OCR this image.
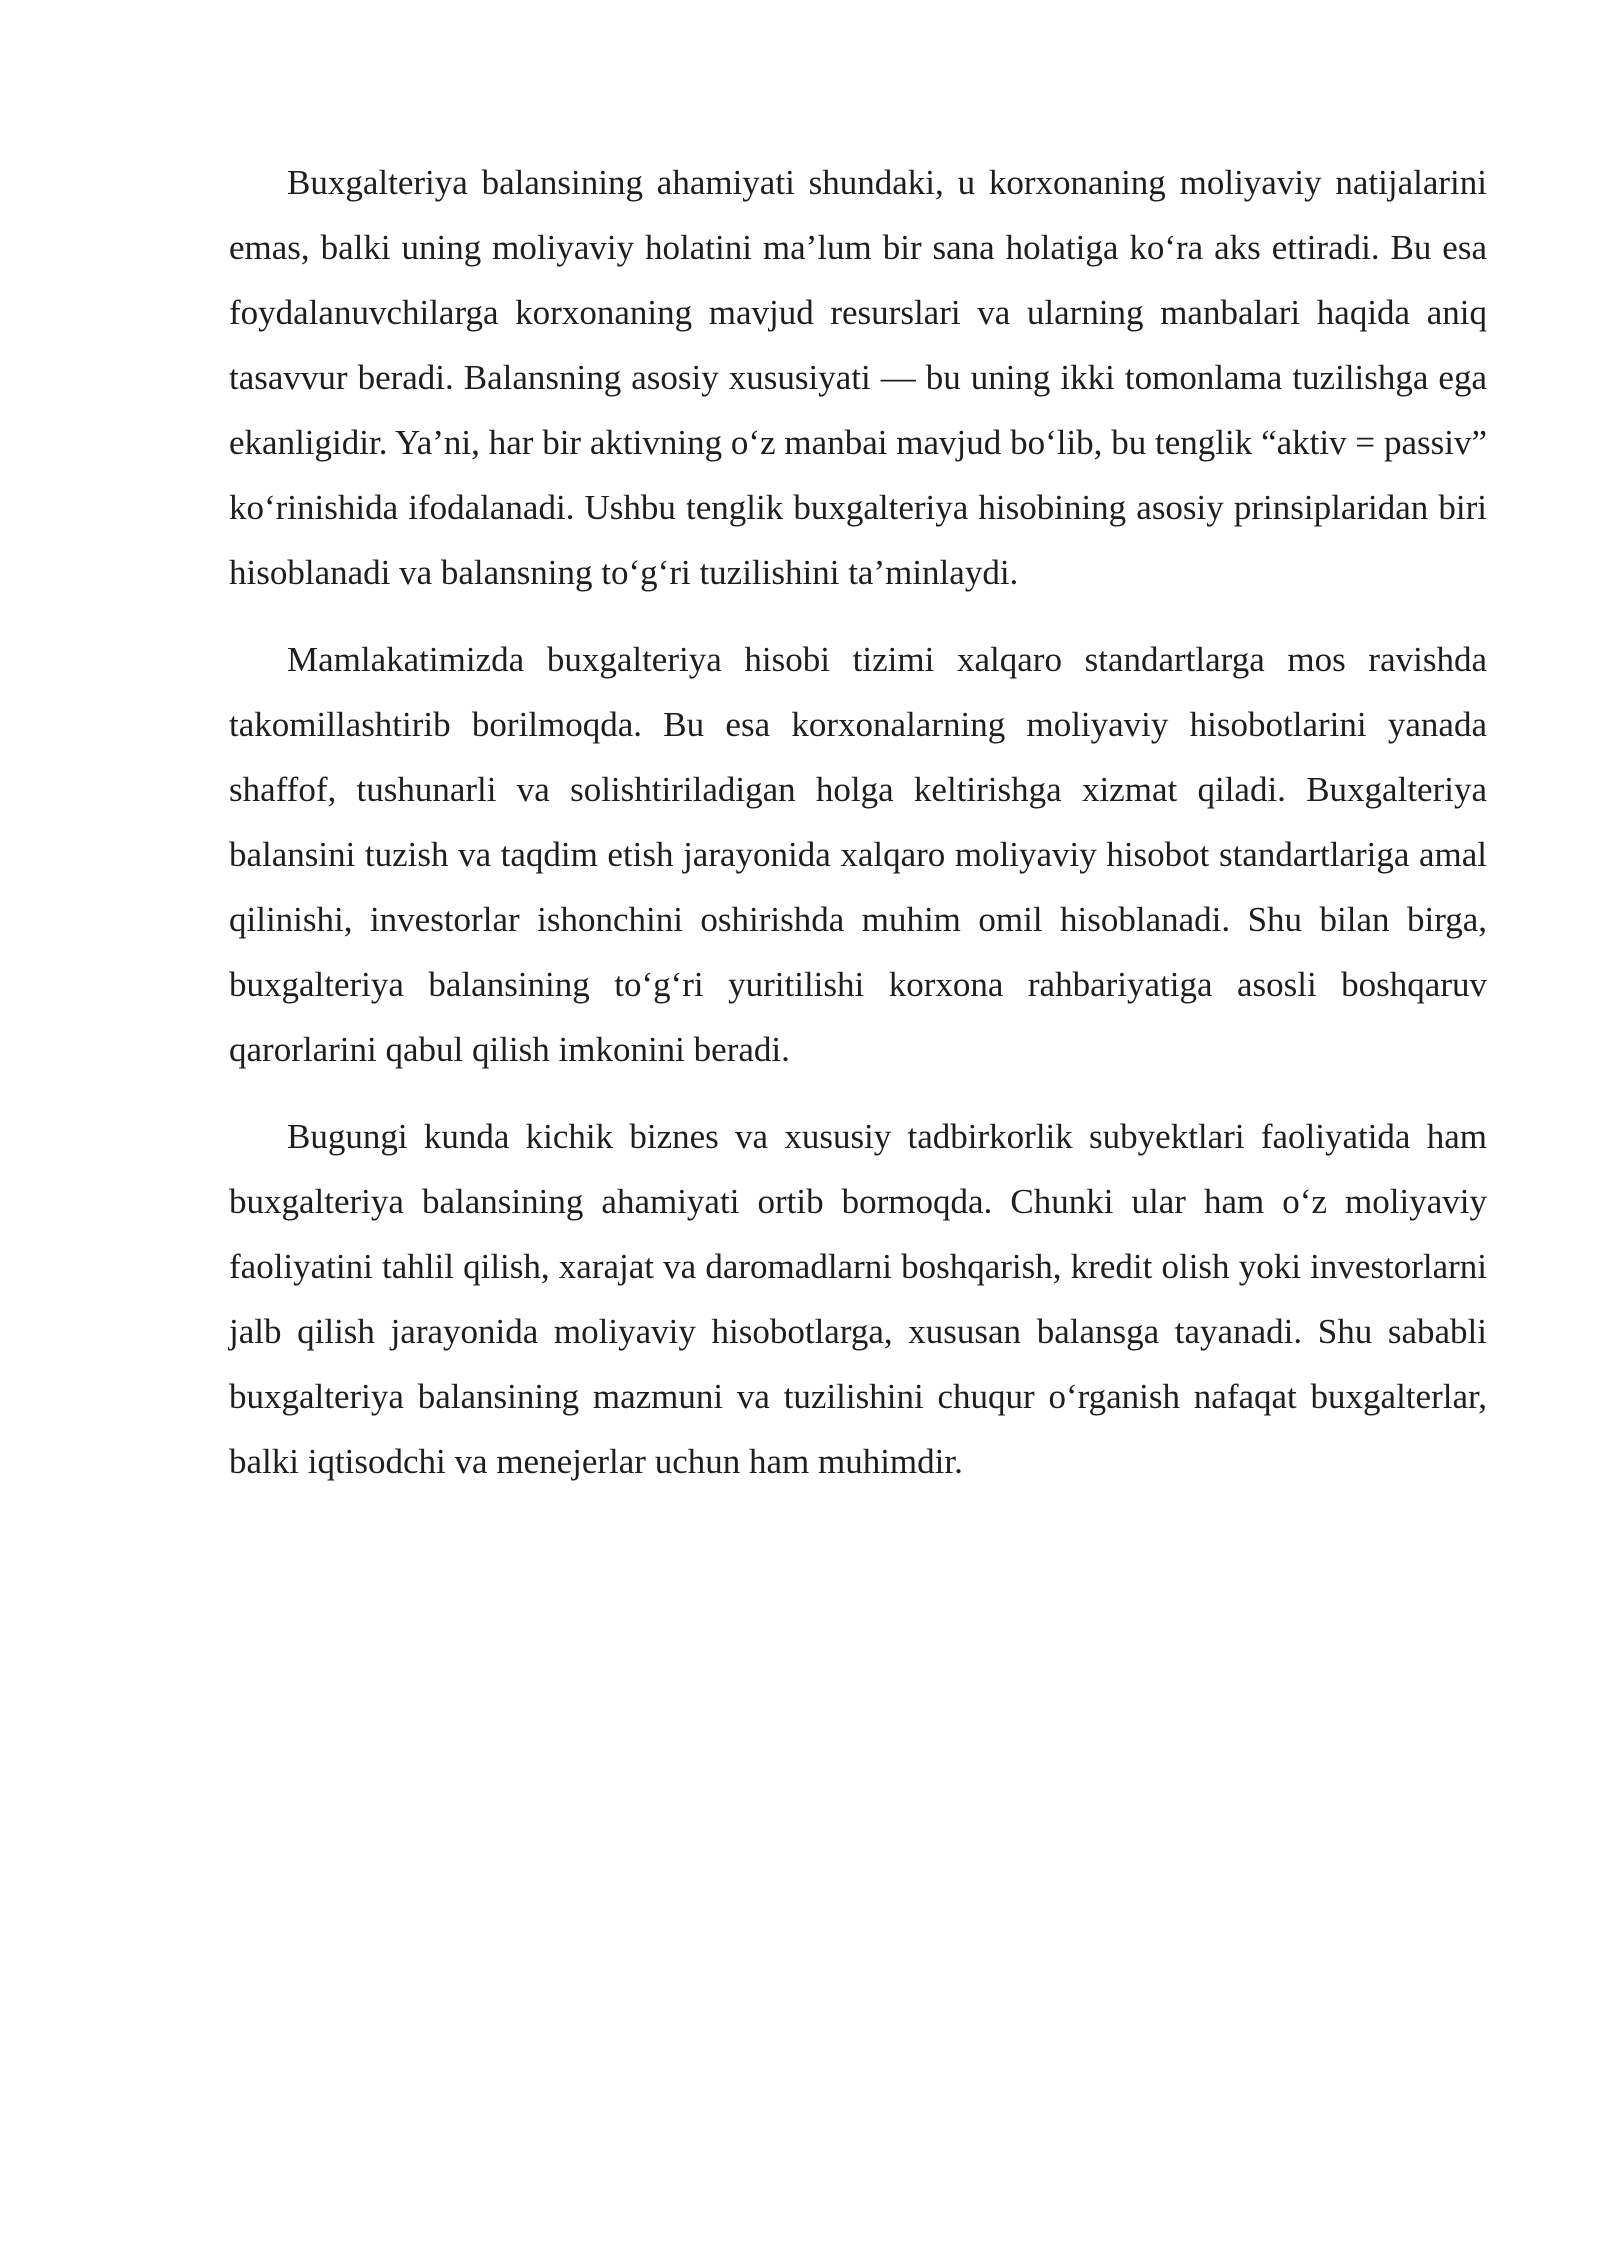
Buxgalteriya balansining ahamiyati shundaki, u korxonaning moliyaviy natijalarini emas, balki uning moliyaviy holatini ma’lum bir sana holatiga ko‘ra aks ettiradi. Bu esa foydalanuvchilarga korxonaning mavjud resurslari va ularning manbalari haqida aniq tasavvur beradi. Balansning asosiy xususiyati — bu uning ikki tomonlama tuzilishga ega ekanligidir. Ya’ni, har bir aktivning o‘z manbai mavjud bo‘lib, bu tenglik “aktiv = passiv” ko‘rinishida ifodalanadi. Ushbu tenglik buxgalteriya hisobining asosiy prinsiplaridan biri hisoblanadi va balansning to‘g‘ri tuzilishini ta’minlaydi.

Mamlakatimizda buxgalteriya hisobi tizimi xalqaro standartlarga mos ravishda takomillashtirib borilmoqda. Bu esa korxonalarning moliyaviy hisobotlarini yanada shaffof, tushunarli va solishtiriladigan holga keltirishga xizmat qiladi. Buxgalteriya balansini tuzish va taqdim etish jarayonida xalqaro moliyaviy hisobot standartlariga amal qilinishi, investorlar ishonchini oshirishda muhim omil hisoblanadi. Shu bilan birga, buxgalteriya balansining to‘g‘ri yuritilishi korxona rahbariyatiga asosli boshqaruv qarorlarini qabul qilish imkonini beradi.

Bugungi kunda kichik biznes va xususiy tadbirkorlik subyektlari faoliyatida ham buxgalteriya balansining ahamiyati ortib bormoqda. Chunki ular ham o‘z moliyaviy faoliyatini tahlil qilish, xarajat va daromadlarni boshqarish, kredit olish yoki investorlarni jalb qilish jarayonida moliyaviy hisobotlarga, xususan balansga tayanadi. Shu sababli buxgalteriya balansining mazmuni va tuzilishini chuqur o‘rganish nafaqat buxgalterlar, balki iqtisodchi va menejerlar uchun ham muhimdir.
